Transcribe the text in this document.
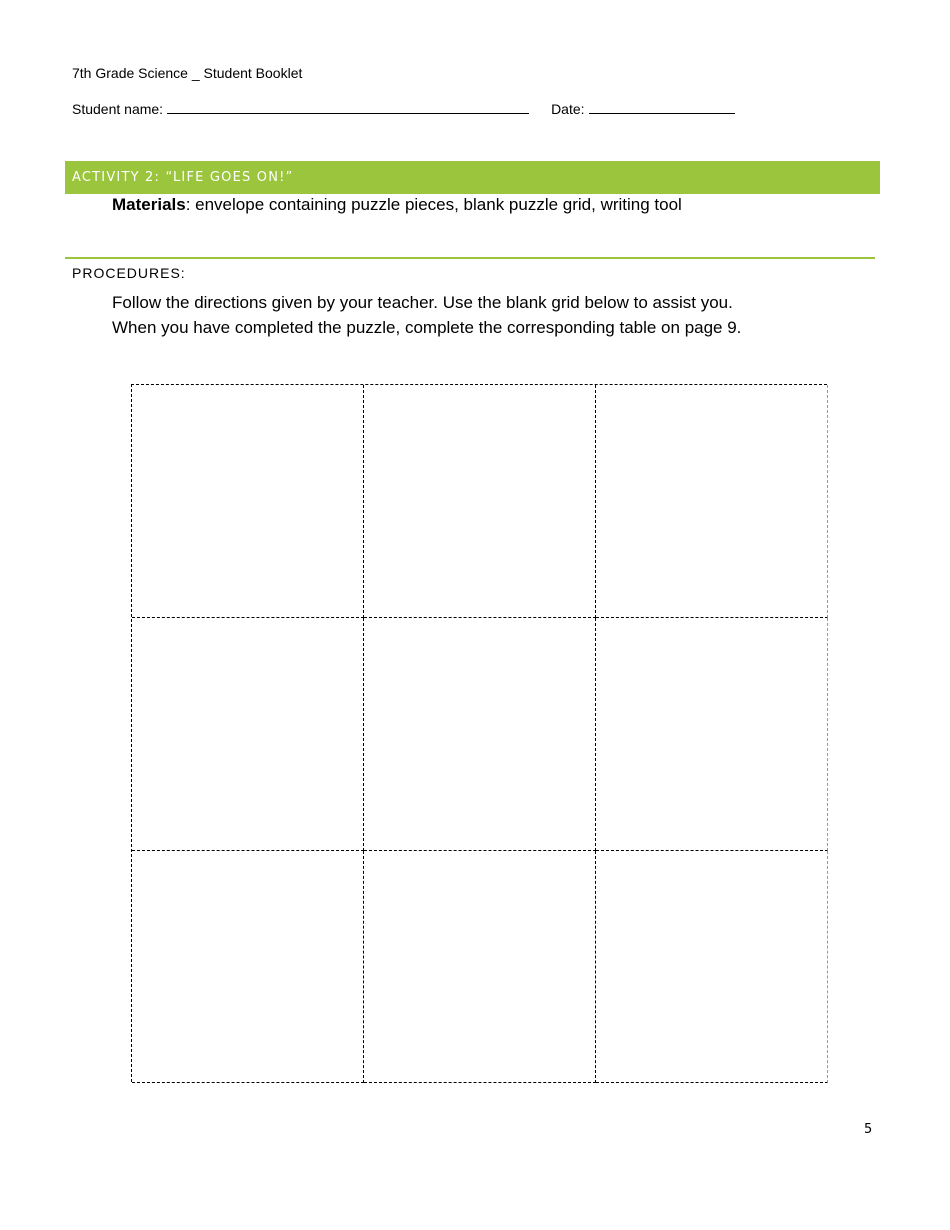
7th Grade Science _ Student Booklet
Student name:	Date:
ACTIVITY 2: “LIFE GOES ON!”
Materials: envelope containing puzzle pieces, blank puzzle grid, writing tool
PROCEDURES:
Follow the directions given by your teacher. Use the blank grid below to assist you.
When you have completed the puzzle, complete the corresponding table on page 9.
5
